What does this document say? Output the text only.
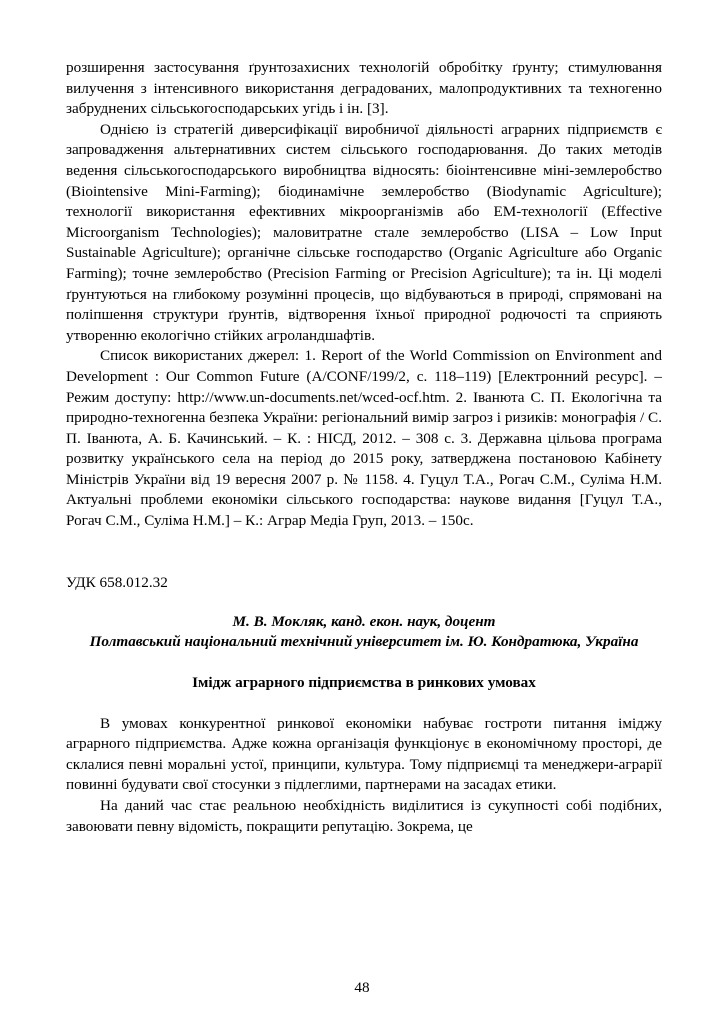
розширення застосування ґрунтозахисних технологій обробітку ґрунту; стимулювання вилучення з інтенсивного використання деградованих, малопродуктивних та техногенно забруднених сільськогосподарських угідь і ін. [3].

Однією із стратегій диверсифікації виробничої діяльності аграрних підприємств є запровадження альтернативних систем сільського господарювання. До таких методів ведення сільськогосподарського виробництва відносять: біоінтенсивне міні-землеробство (Biointensive Mini-Farming); біодинамічне землеробство (Biodynamic Agriculture); технології використання ефективних мікроорганізмів або ЕМ-технології (Effective Microorganism Technologies); маловитратне стале землеробство (LISA – Low Input Sustainable Agriculture); органічне сільське господарство (Organic Agriculture або Organic Farming); точне землеробство (Precision Farming or Precision Agriculture); та ін. Ці моделі ґрунтуються на глибокому розумінні процесів, що відбуваються в природі, спрямовані на поліпшення структури ґрунтів, відтворення їхньої природної родючості та сприяють утворенню екологічно стійких агроландшафтів.

Список використаних джерел: 1. Report of the World Commission on Environment and Development : Our Common Future (A/CONF/199/2, с. 118–119) [Електронний ресурс]. – Режим доступу: http://www.un-documents.net/wced-ocf.htm. 2. Іванюта С. П. Екологічна та природно-техногенна безпека України: регіональний вимір загроз і ризиків: монографія / С. П. Іванюта, А. Б. Качинський. – К. : НІСД, 2012. – 308 с. 3. Державна цільова програма розвитку українського села на період до 2015 року, затверджена постановою Кабінету Міністрів України від 19 вересня 2007 р. № 1158. 4. Гуцул Т.А., Рогач С.М., Суліма Н.М. Актуальні проблеми економіки сільського господарства: наукове видання [Гуцул Т.А., Рогач С.М., Суліма Н.М.] – К.: Аграр Медіа Груп, 2013. – 150с.

УДК 658.012.32

М. В. Мокляк, канд. екон. наук, доцент

Полтавський національний технічний університет ім. Ю. Кондратюка, Україна

Імідж аграрного підприємства в ринкових умовах

В умовах конкурентної ринкової економіки набуває гостроти питання іміджу аграрного підприємства. Адже кожна організація функціонує в економічному просторі, де склалися певні моральні устої, принципи, культура. Тому підприємці та менеджери-аграрії повинні будувати свої стосунки з підлеглими, партнерами на засадах етики.

На даний час стає реальною необхідність виділитися із сукупності собі подібних, завоювати певну відомість, покращити репутацію. Зокрема, це

48
